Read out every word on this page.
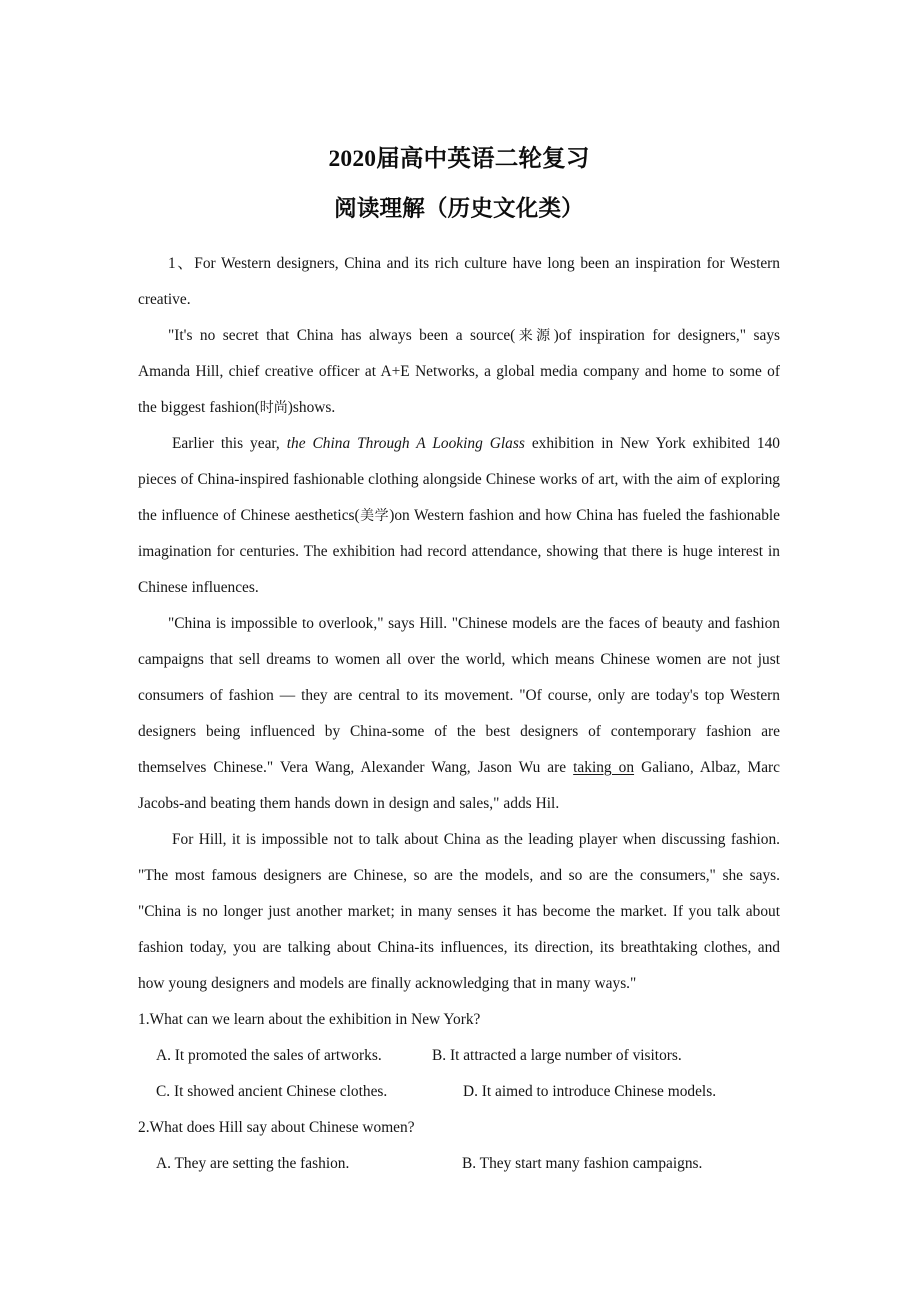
2020届高中英语二轮复习
阅读理解（历史文化类）

1、For Western designers, China and its rich culture have long been an inspiration for Western creative.

"It's no secret that China has always been a source(来源)of inspiration for designers," says Amanda Hill, chief creative officer at A+E Networks, a global media company and home to some of the biggest fashion(时尚)shows.

Earlier this year, the China Through A Looking Glass exhibition in New York exhibited 140 pieces of China-inspired fashionable clothing alongside Chinese works of art, with the aim of exploring the influence of Chinese aesthetics(美学)on Western fashion and how China has fueled the fashionable imagination for centuries. The exhibition had record attendance, showing that there is huge interest in Chinese influences.

"China is impossible to overlook," says Hill. "Chinese models are the faces of beauty and fashion campaigns that sell dreams to women all over the world, which means Chinese women are not just consumers of fashion — they are central to its movement. "Of course, only are today's top Western designers being influenced by China-some of the best designers of contemporary fashion are themselves Chinese." Vera Wang, Alexander Wang, Jason Wu are taking on Galiano, Albaz, Marc Jacobs-and beating them hands down in design and sales," adds Hil.

For Hill, it is impossible not to talk about China as the leading player when discussing fashion. "The most famous designers are Chinese, so are the models, and so are the consumers," she says. "China is no longer just another market; in many senses it has become the market. If you talk about fashion today, you are talking about China-its influences, its direction, its breathtaking clothes, and how young designers and models are finally acknowledging that in many ways."

1.What can we learn about the exhibition in New York?

A. It promoted the sales of artworks.	B. It attracted a large number of visitors.
C. It showed ancient Chinese clothes.	D. It aimed to introduce Chinese models.

2.What does Hill say about Chinese women?

A. They are setting the fashion.	B. They start many fashion campaigns.
